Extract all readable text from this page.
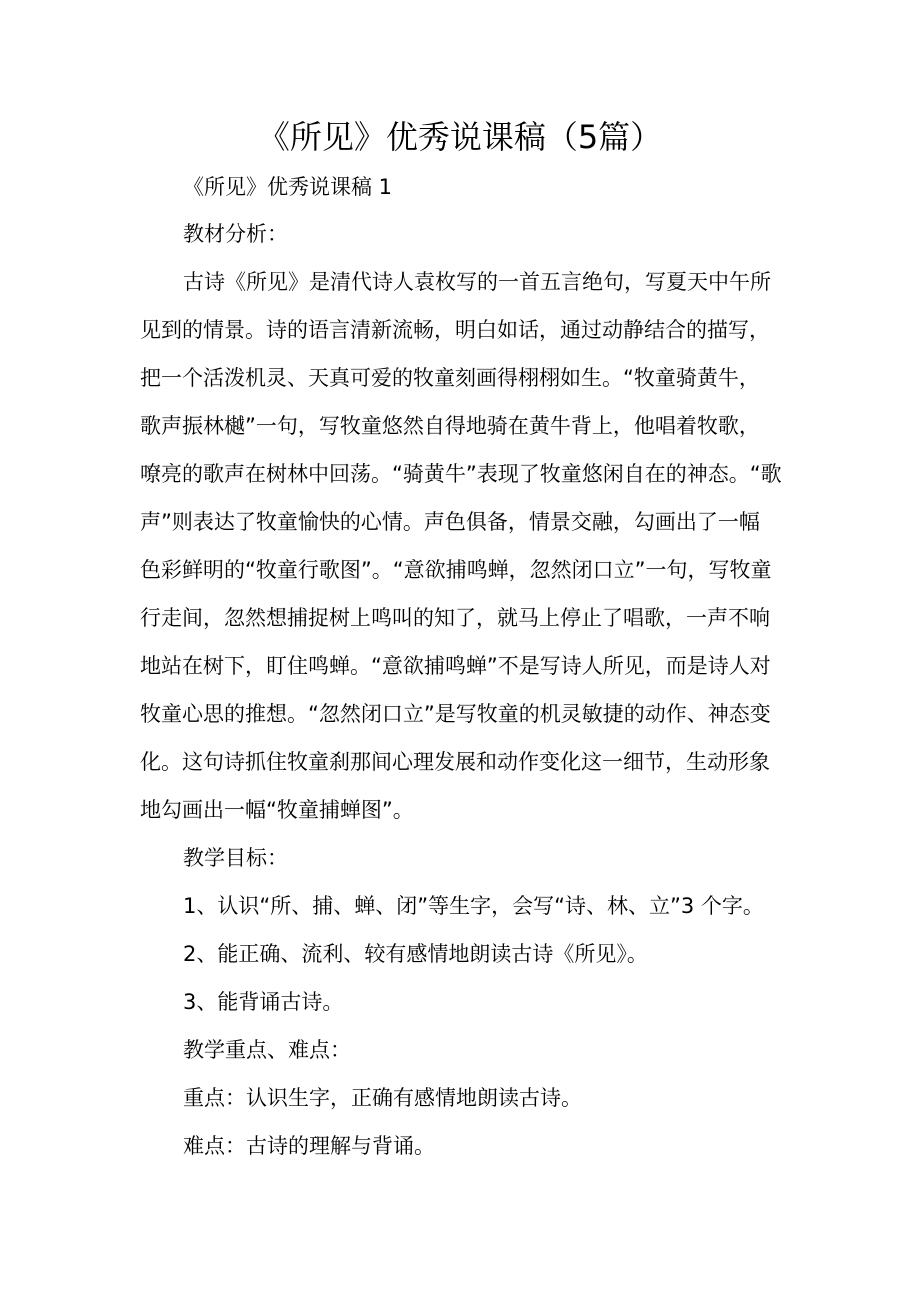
《所见》优秀说课稿（5篇）

《所见》优秀说课稿 1

教材分析：

古诗《所见》是清代诗人袁枚写的一首五言绝句，写夏天中午所

见到的情景。诗的语言清新流畅，明白如话，通过动静结合的描写，

把一个活泼机灵、天真可爱的牧童刻画得栩栩如生。“牧童骑黄牛，

歌声振林樾”一句，写牧童悠然自得地骑在黄牛背上，他唱着牧歌，

嘹亮的歌声在树林中回荡。“骑黄牛”表现了牧童悠闲自在的神态。“歌

声”则表达了牧童愉快的心情。声色俱备，情景交融，勾画出了一幅

色彩鲜明的“牧童行歌图”。“意欲捕鸣蝉，忽然闭口立”一句，写牧童

行走间，忽然想捕捉树上鸣叫的知了，就马上停止了唱歌，一声不响

地站在树下，盯住鸣蝉。“意欲捕鸣蝉”不是写诗人所见，而是诗人对

牧童心思的推想。“忽然闭口立”是写牧童的机灵敏捷的动作、神态变

化。这句诗抓住牧童刹那间心理发展和动作变化这一细节，生动形象

地勾画出一幅“牧童捕蝉图”。

教学目标：

1、认识“所、捕、蝉、闭”等生字，会写“诗、林、立”3 个字。

2、能正确、流利、较有感情地朗读古诗《所见》。

3、能背诵古诗。

教学重点、难点：

重点：认识生字，正确有感情地朗读古诗。

难点：古诗的理解与背诵。
